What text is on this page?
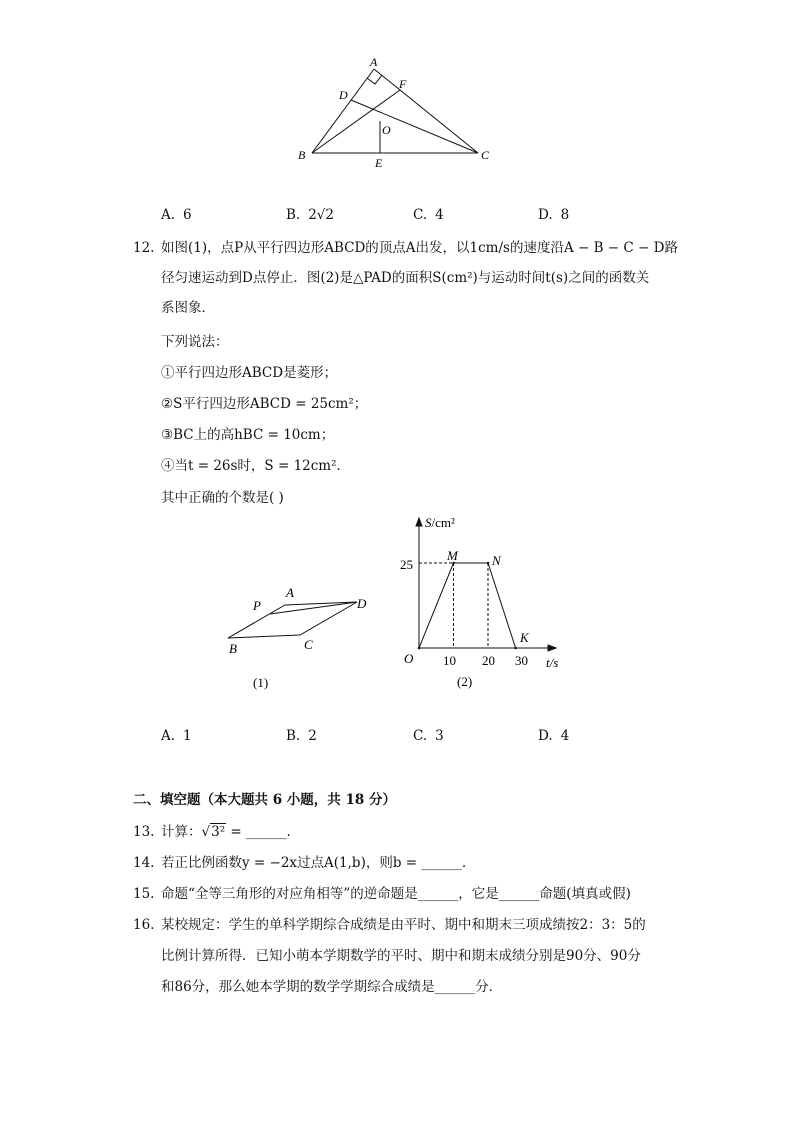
A
D
F
O
B
E
C
A. 6	B. 2√2	C. 4	D. 8
12. 如图(1)，点P从平行四边形ABCD的顶点A出发，以1cm/s的速度沿A − B − C − D路
径匀速运动到D点停止．图(2)是△PAD的面积S(cm²)与运动时间t(s)之间的函数关
系图象．
下列说法：
①平行四边形ABCD是菱形；
②S平行四边形ABCD = 25cm²；
③BC上的高hBC = 10cm；
④当t = 26s时，S = 12cm²．
其中正确的个数是( )
P
A
D
B	C
(1)
S/cm²
t/s
O
25
10 20 30
M	N
K
(2)
A. 1	B. 2	C. 3	D. 4
二、填空题（本大题共 6 小题，共 18 分）
13. 计算：√3² = ______.
14. 若正比例函数y = −2x过点A(1,b)，则b = ______.
15. 命题“全等三角形的对应角相等”的逆命题是______，它是______命题(填真或假)
16. 某校规定：学生的单科学期综合成绩是由平时、期中和期末三项成绩按2：3：5的
比例计算所得．已知小萌本学期数学的平时、期中和期末成绩分别是90分、90分
和86分，那么她本学期的数学学期综合成绩是______分．
